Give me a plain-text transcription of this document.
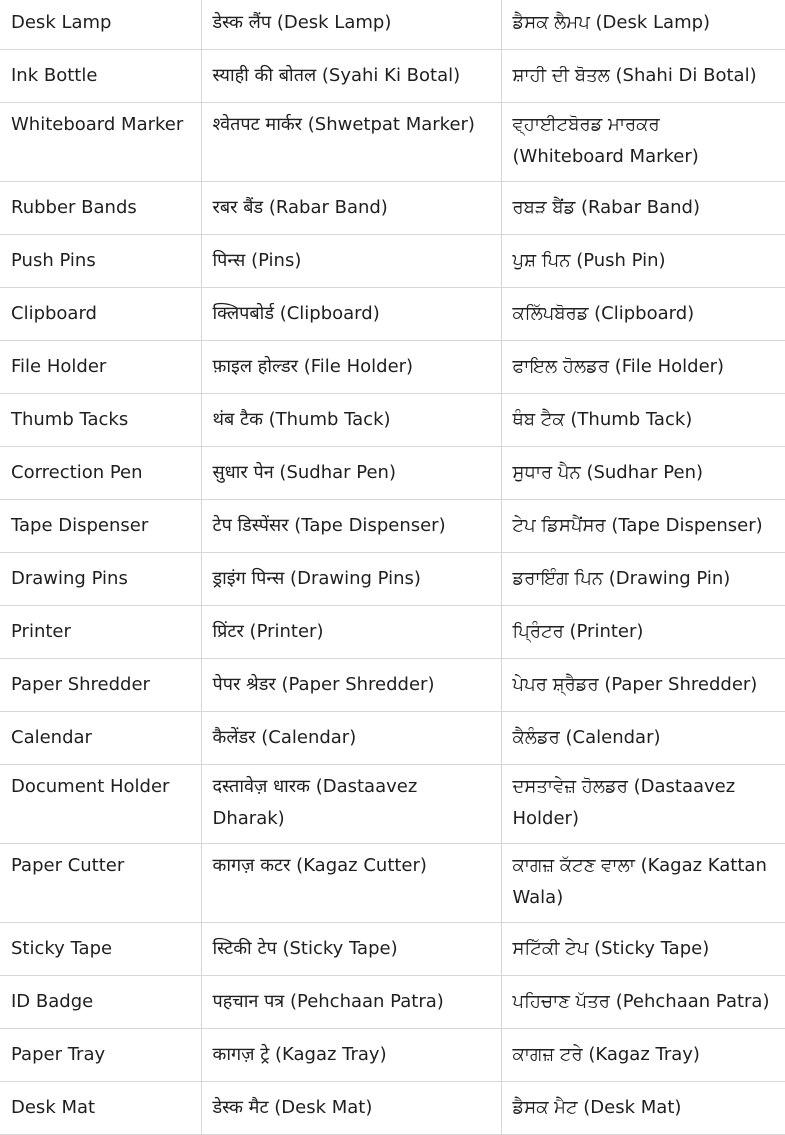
Desk Lamp	डेस्क लैंप (Desk Lamp)	ਡੈਸਕ ਲੈਮਪ (Desk Lamp)
Ink Bottle	स्याही की बोतल (Syahi Ki Botal)	ਸ਼ਾਹੀ ਦੀ ਬੋਤਲ (Shahi Di Botal)
Whiteboard Marker	श्वेतपट मार्कर (Shwetpat Marker)	ਵ੍ਹਾਈਟਬੋਰਡ ਮਾਰਕਰ (Whiteboard Marker)
Rubber Bands	रबर बैंड (Rabar Band)	ਰਬੜ ਬੈਂਡ (Rabar Band)
Push Pins	पिन्स (Pins)	ਪੁਸ਼ ਪਿਨ (Push Pin)
Clipboard	क्लिपबोर्ड (Clipboard)	ਕਲਿੱਪਬੋਰਡ (Clipboard)
File Holder	फ़ाइल होल्डर (File Holder)	ਫਾਇਲ ਹੋਲਡਰ (File Holder)
Thumb Tacks	थंब टैक (Thumb Tack)	ਥੰਬ ਟੈਕ (Thumb Tack)
Correction Pen	सुधार पेन (Sudhar Pen)	ਸੁਧਾਰ ਪੈਨ (Sudhar Pen)
Tape Dispenser	टेप डिस्पेंसर (Tape Dispenser)	ਟੇਪ ਡਿਸਪੈਂਸਰ (Tape Dispenser)
Drawing Pins	ड्राइंग पिन्स (Drawing Pins)	ਡਰਾਇੰਗ ਪਿਨ (Drawing Pin)
Printer	प्रिंटर (Printer)	ਪ੍ਰਿੰਟਰ (Printer)
Paper Shredder	पेपर श्रेडर (Paper Shredder)	ਪੇਪਰ ਸ਼੍ਰੈਡਰ (Paper Shredder)
Calendar	कैलेंडर (Calendar)	ਕੈਲੰਡਰ (Calendar)
Document Holder	दस्तावेज़ धारक (Dastaavez Dharak)	ਦਸਤਾਵੇਜ਼ ਹੋਲਡਰ (Dastaavez Holder)
Paper Cutter	कागज़ कटर (Kagaz Cutter)	ਕਾਗਜ਼ ਕੱਟਣ ਵਾਲਾ (Kagaz Kattan Wala)
Sticky Tape	स्टिकी टेप (Sticky Tape)	ਸਟਿੱਕੀ ਟੇਪ (Sticky Tape)
ID Badge	पहचान पत्र (Pehchaan Patra)	ਪਹਿਚਾਣ ਪੱਤਰ (Pehchaan Patra)
Paper Tray	कागज़ ट्रे (Kagaz Tray)	ਕਾਗਜ਼ ਟਰੇ (Kagaz Tray)
Desk Mat	डेस्क मैट (Desk Mat)	ਡੈਸਕ ਮੈਟ (Desk Mat)
